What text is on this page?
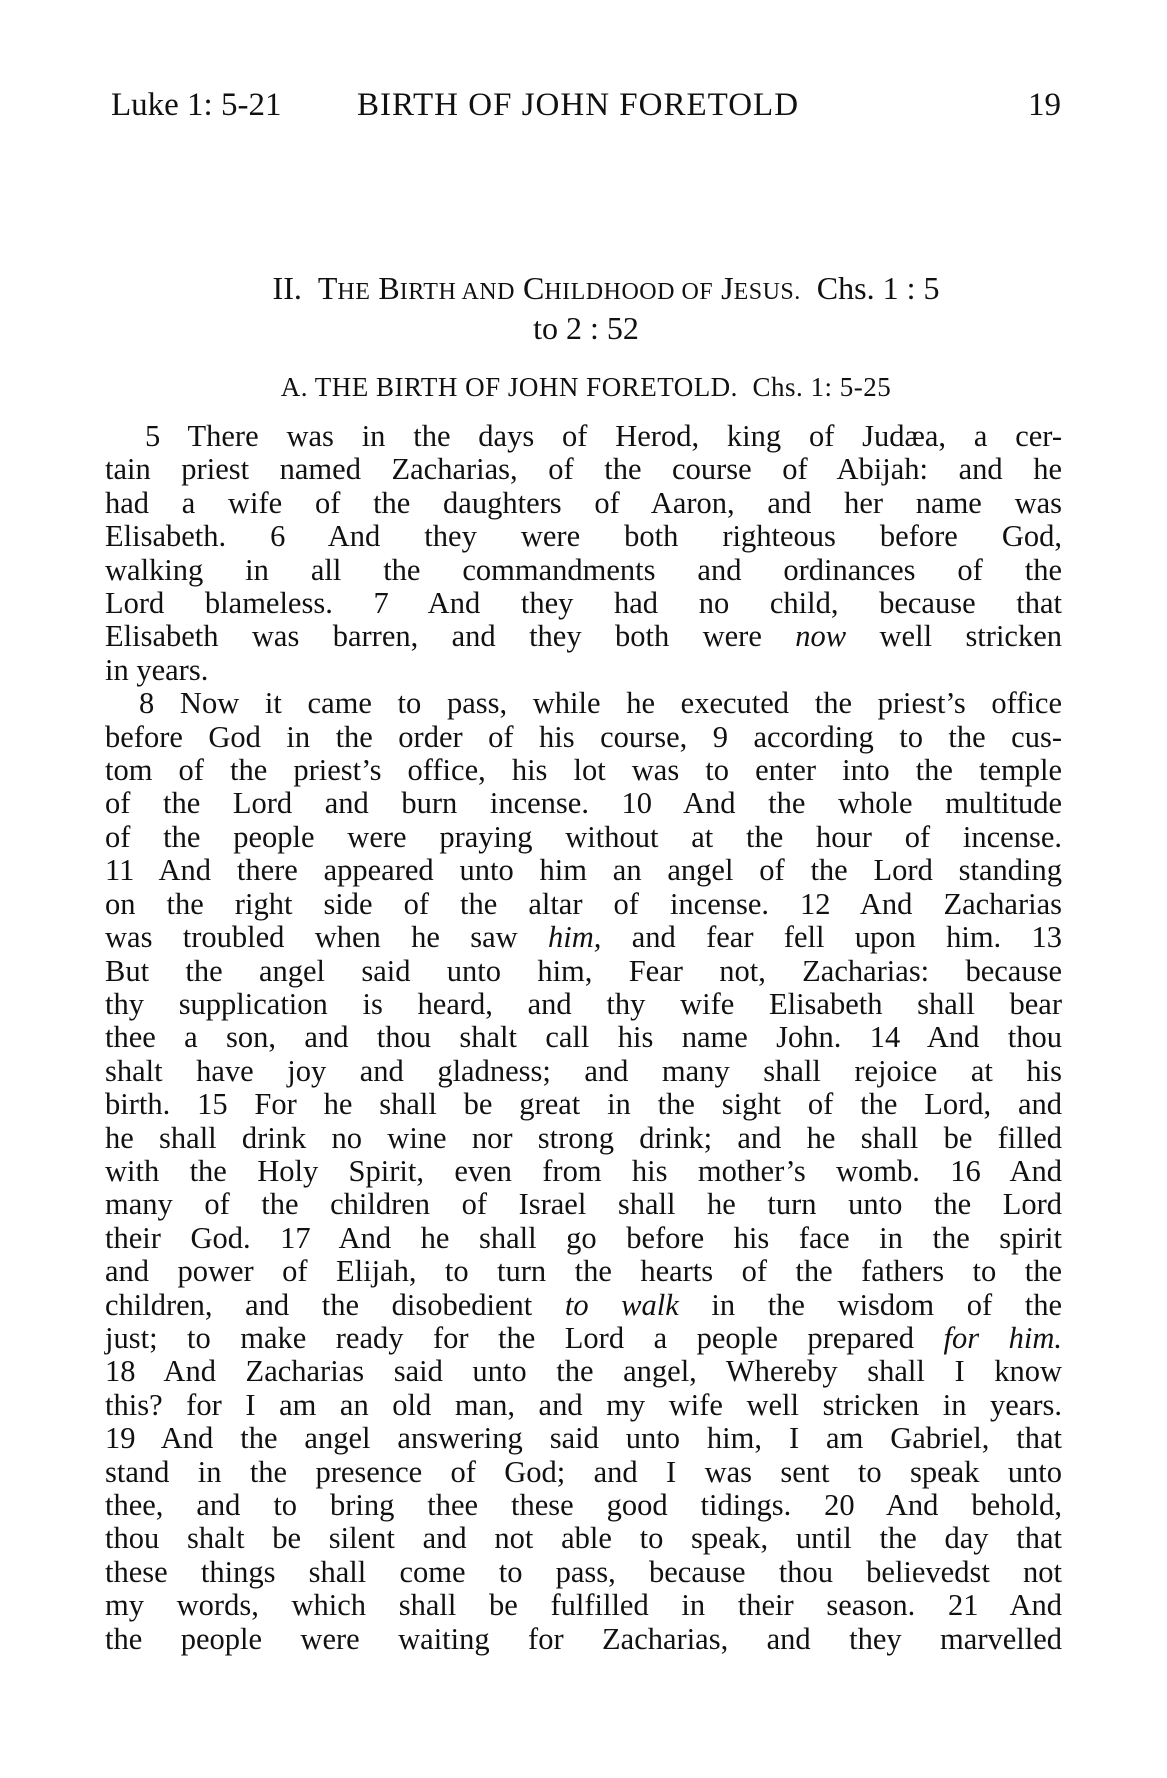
Luke 1: 5-21 BIRTH OF JOHN FORETOLD	19
II. THE BIRTH AND CHILDHOOD OF JESUS. Chs. 1 : 5
to 2 : 52
A. THE BIRTH OF JOHN FORETOLD. Chs. 1: 5-25
5 There was in the days of Herod, king of Judæa, a cer-
tain priest named Zacharias, of the course of Abijah: and he
had a wife of the daughters of Aaron, and her name was
Elisabeth. 6 And they were both righteous before God,
walking in all the commandments and ordinances of the
Lord blameless. 7 And they had no child, because that
Elisabeth was barren, and they both were now well stricken
in years.
8 Now it came to pass, while he executed the priest’s office
before God in the order of his course, 9 according to the cus-
tom of the priest’s office, his lot was to enter into the temple
of the Lord and burn incense. 10 And the whole multitude
of the people were praying without at the hour of incense.
11 And there appeared unto him an angel of the Lord standing
on the right side of the altar of incense. 12 And Zacharias
was troubled when he saw him, and fear fell upon him. 13
But the angel said unto him, Fear not, Zacharias: because
thy supplication is heard, and thy wife Elisabeth shall bear
thee a son, and thou shalt call his name John. 14 And thou
shalt have joy and gladness; and many shall rejoice at his
birth. 15 For he shall be great in the sight of the Lord, and
he shall drink no wine nor strong drink; and he shall be filled
with the Holy Spirit, even from his mother’s womb. 16 And
many of the children of Israel shall he turn unto the Lord
their God. 17 And he shall go before his face in the spirit
and power of Elijah, to turn the hearts of the fathers to the
children, and the disobedient to walk in the wisdom of the
just; to make ready for the Lord a people prepared for him.
18 And Zacharias said unto the angel, Whereby shall I know
this? for I am an old man, and my wife well stricken in years.
19 And the angel answering said unto him, I am Gabriel, that
stand in the presence of God; and I was sent to speak unto
thee, and to bring thee these good tidings. 20 And behold,
thou shalt be silent and not able to speak, until the day that
these things shall come to pass, because thou believedst not
my words, which shall be fulfilled in their season. 21 And
the people were waiting for Zacharias, and they marvelled
